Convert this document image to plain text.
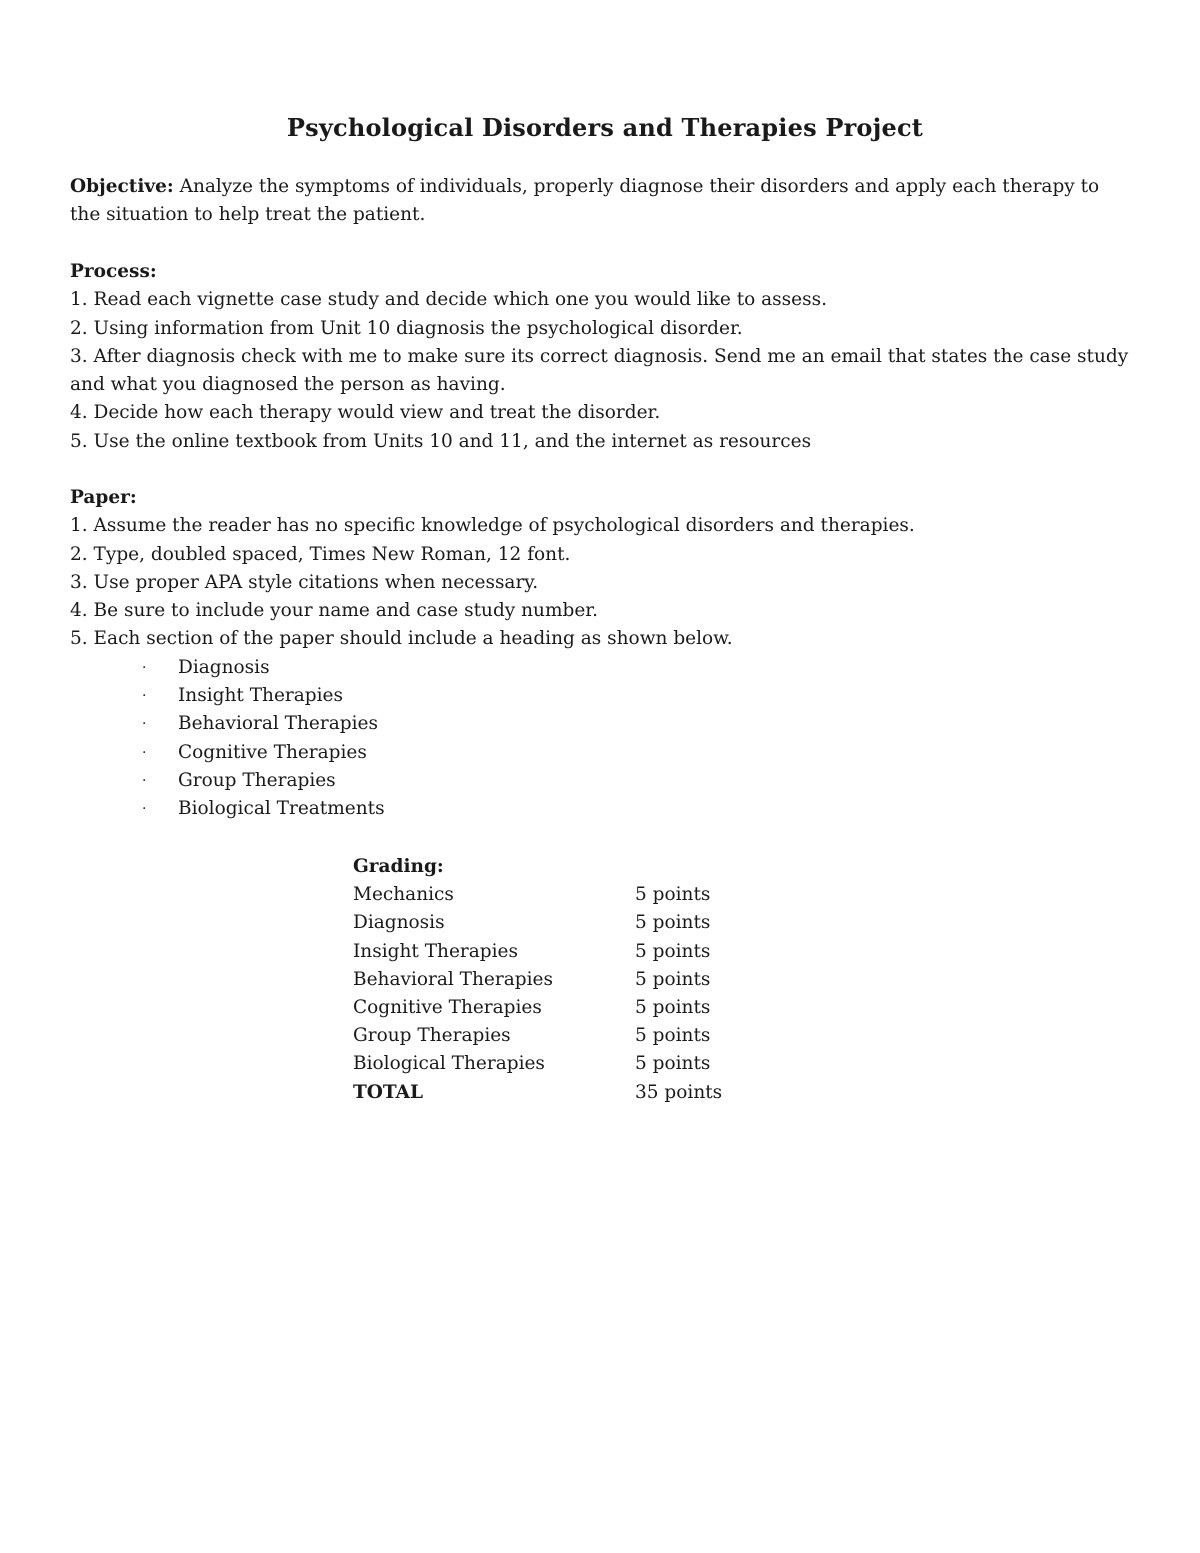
Psychological Disorders and Therapies Project
Objective: Analyze the symptoms of individuals, properly diagnose their disorders and apply each therapy to the situation to help treat the patient.
Process:
1. Read each vignette case study and decide which one you would like to assess.
2. Using information from Unit 10 diagnosis the psychological disorder.
3. After diagnosis check with me to make sure its correct diagnosis. Send me an email that states the case study and what you diagnosed the person as having.
4. Decide how each therapy would view and treat the disorder.
5. Use the online textbook from Units 10 and 11, and the internet as resources
Paper:
1. Assume the reader has no specific knowledge of psychological disorders and therapies.
2. Type, doubled spaced, Times New Roman, 12 font.
3. Use proper APA style citations when necessary.
4. Be sure to include your name and case study number.
5. Each section of the paper should include a heading as shown below.
· Diagnosis
· Insight Therapies
· Behavioral Therapies
· Cognitive Therapies
· Group Therapies
· Biological Treatments
Grading:
Mechanics	5 points
Diagnosis	5 points
Insight Therapies	5 points
Behavioral Therapies	5 points
Cognitive Therapies	5 points
Group Therapies	5 points
Biological Therapies	5 points
TOTAL	35 points
